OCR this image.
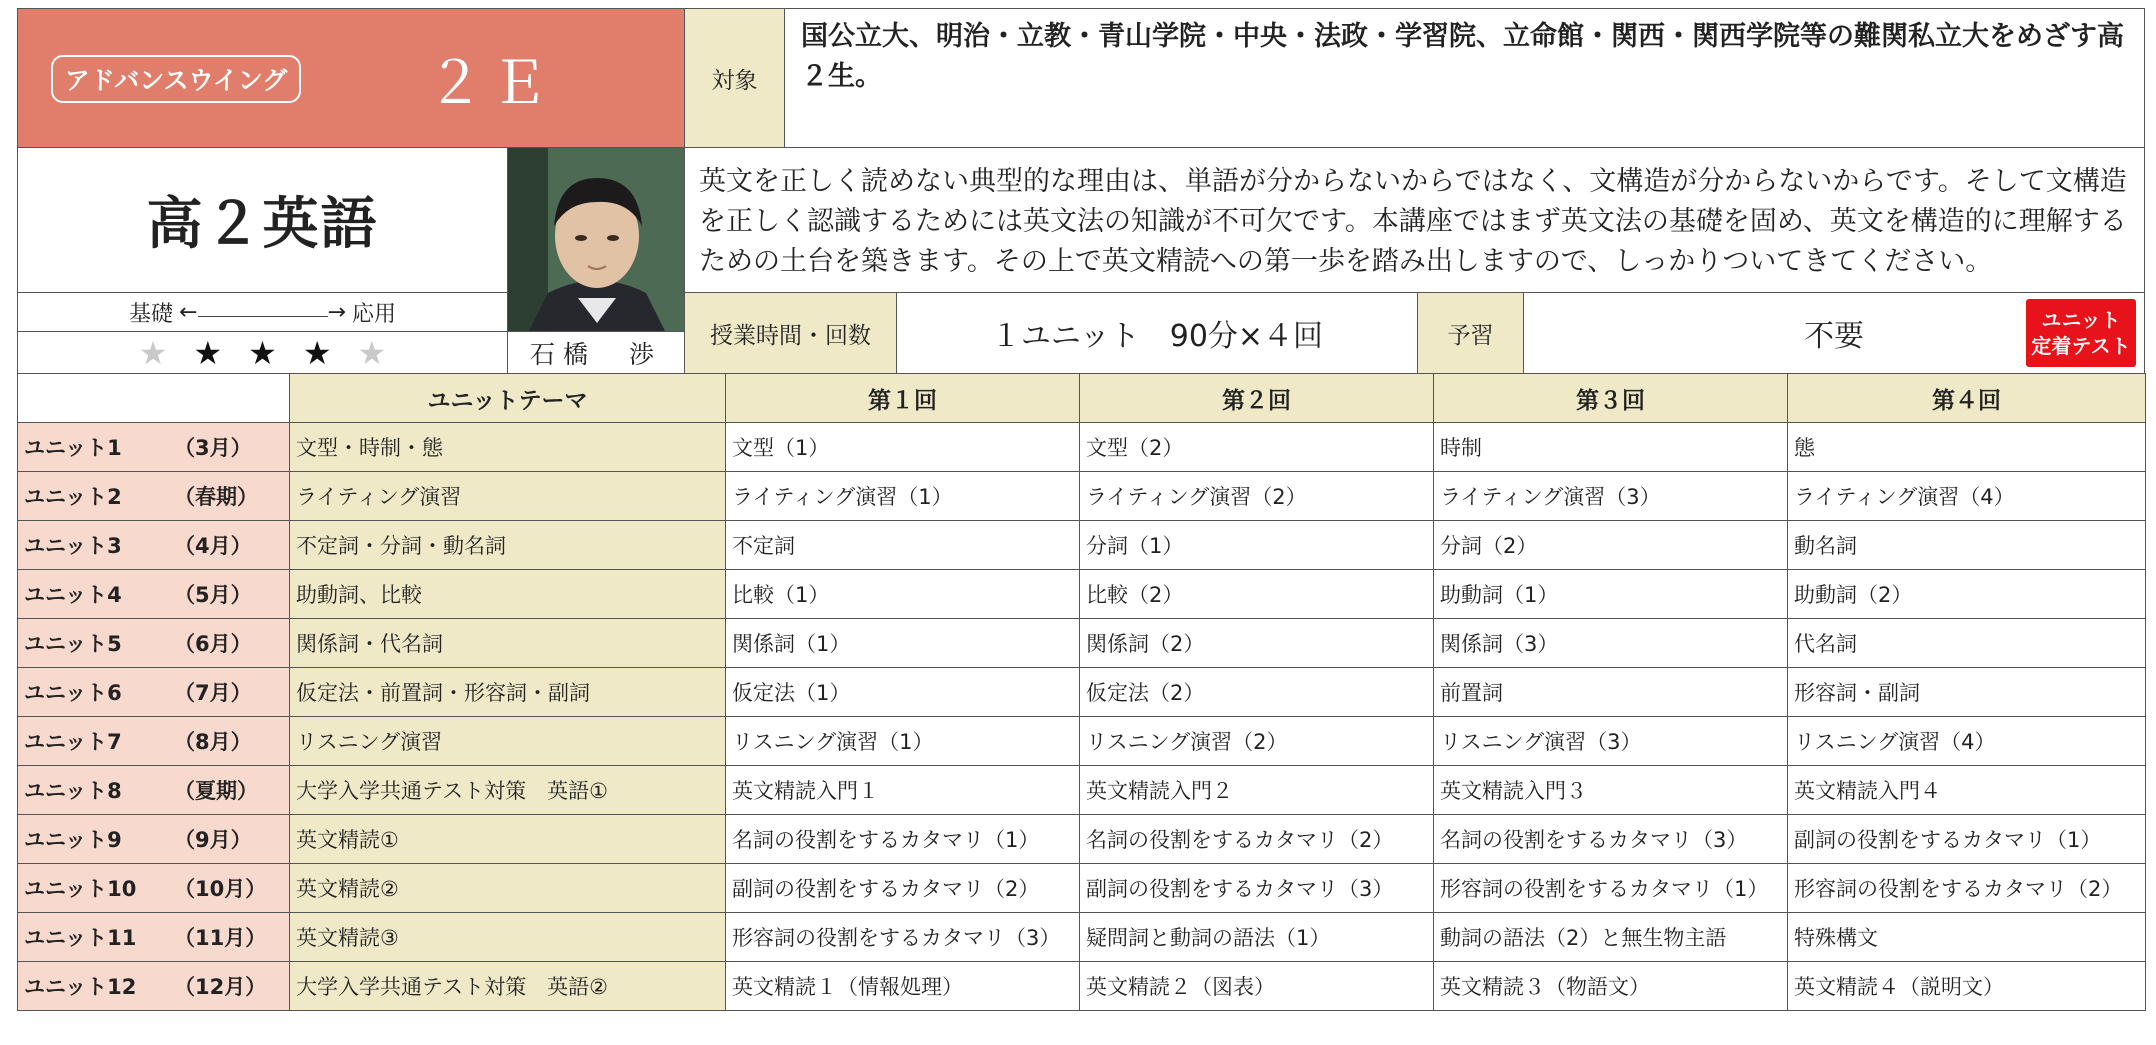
アドバンスウイング	２Ｅ	対象
国公立大、明治・立教・青山学院・中央・法政・学習院、立命館・関西・関西学院等の難関私立大をめざす高２生。
高２英語
基礎 ←	→ 応用
★ ★ ★ ★ ★	石橋　渉
英文を正しく読めない典型的な理由は、単語が分からないからではなく、文構造が分からないからです。そして文構造を正しく認識するためには英文法の知識が不可欠です。本講座ではまず英文法の基礎を固め、英文を構造的に理解するための土台を築きます。その上で英文精読への第一歩を踏み出しますので、しっかりついてきてください。
授業時間・回数	１ユニット　90分×４回	予習	不要	ユニット
定着テスト
	ユニットテーマ	第１回	第２回	第３回	第４回
ユニット1 （3月）	文型・時制・態	文型（1）	文型（2）	時制	態
ユニット2 （春期）	ライティング演習	ライティング演習（1）	ライティング演習（2）	ライティング演習（3）	ライティング演習（4）
ユニット3 （4月）	不定詞・分詞・動名詞	不定詞	分詞（1）	分詞（2）	動名詞
ユニット4 （5月）	助動詞、比較	比較（1）	比較（2）	助動詞（1）	助動詞（2）
ユニット5 （6月）	関係詞・代名詞	関係詞（1）	関係詞（2）	関係詞（3）	代名詞
ユニット6 （7月）	仮定法・前置詞・形容詞・副詞	仮定法（1）	仮定法（2）	前置詞	形容詞・副詞
ユニット7 （8月）	リスニング演習	リスニング演習（1）	リスニング演習（2）	リスニング演習（3）	リスニング演習（4）
ユニット8 （夏期）	大学入学共通テスト対策　英語①	英文精読入門１	英文精読入門２	英文精読入門３	英文精読入門４
ユニット9 （9月）	英文精読①	名詞の役割をするカタマリ（1）	名詞の役割をするカタマリ（2）	名詞の役割をするカタマリ（3）	副詞の役割をするカタマリ（1）
ユニット10 （10月）	英文精読②	副詞の役割をするカタマリ（2）	副詞の役割をするカタマリ（3）	形容詞の役割をするカタマリ（1）	形容詞の役割をするカタマリ（2）
ユニット11 （11月）	英文精読③	形容詞の役割をするカタマリ（3）	疑問詞と動詞の語法（1）	動詞の語法（2）と無生物主語	特殊構文
ユニット12 （12月）	大学入学共通テスト対策　英語②	英文精読１（情報処理）	英文精読２（図表）	英文精読３（物語文）	英文精読４（説明文）
